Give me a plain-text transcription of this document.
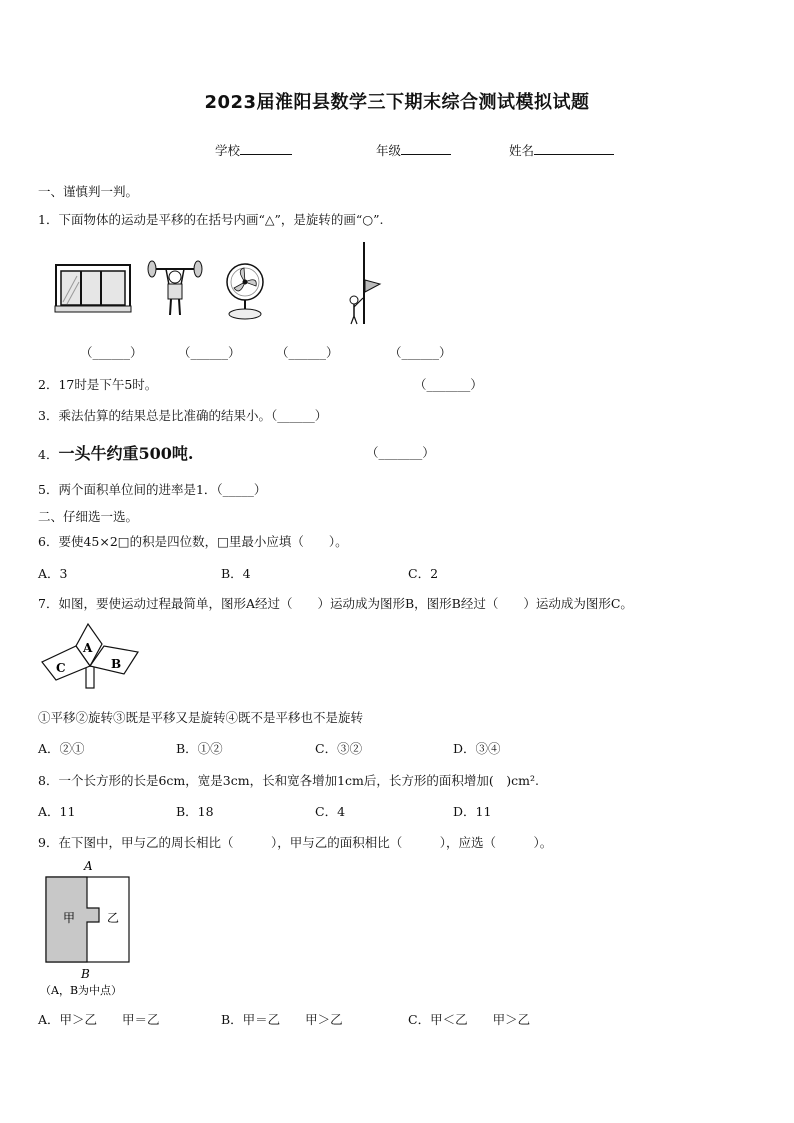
2023届淮阳县数学三下期末综合测试模拟试题
学校	年级	姓名
一、谨慎判一判。
1．下面物体的运动是平移的在括号内画“△”，是旋转的画“○”.
（______）	（______）	（______）	（______）
2．17时是下午5时。	（_______）
3．乘法估算的结果总是比准确的结果小。（______）
4．一头牛约重500吨.	（_______）
5．两个面积单位间的进率是1．（_____）
二、仔细选一选。
6．要使45×2□的积是四位数，□里最小应填（　　）。
A．3	B．4	C．2
7．如图，要使运动过程最简单，图形A经过（　　）运动成为图形B，图形B经过（　　）运动成为图形C。
A
B
C
①平移②旋转③既是平移又是旋转④既不是平移也不是旋转
A．②①	B．①②	C．③②	D．③④
8．一个长方形的长是6cm，宽是3cm，长和宽各增加1cm后，长方形的面积增加(　)cm².
A．11	B．18	C．4	D．11
9．在下图中，甲与乙的周长相比（　　　），甲与乙的面积相比（　　　），应选（　　　）。
A
甲	乙
B
（A，B为中点）
A．甲＞乙　　甲＝乙	B．甲＝乙　　甲＞乙	C．甲＜乙　　甲＞乙
